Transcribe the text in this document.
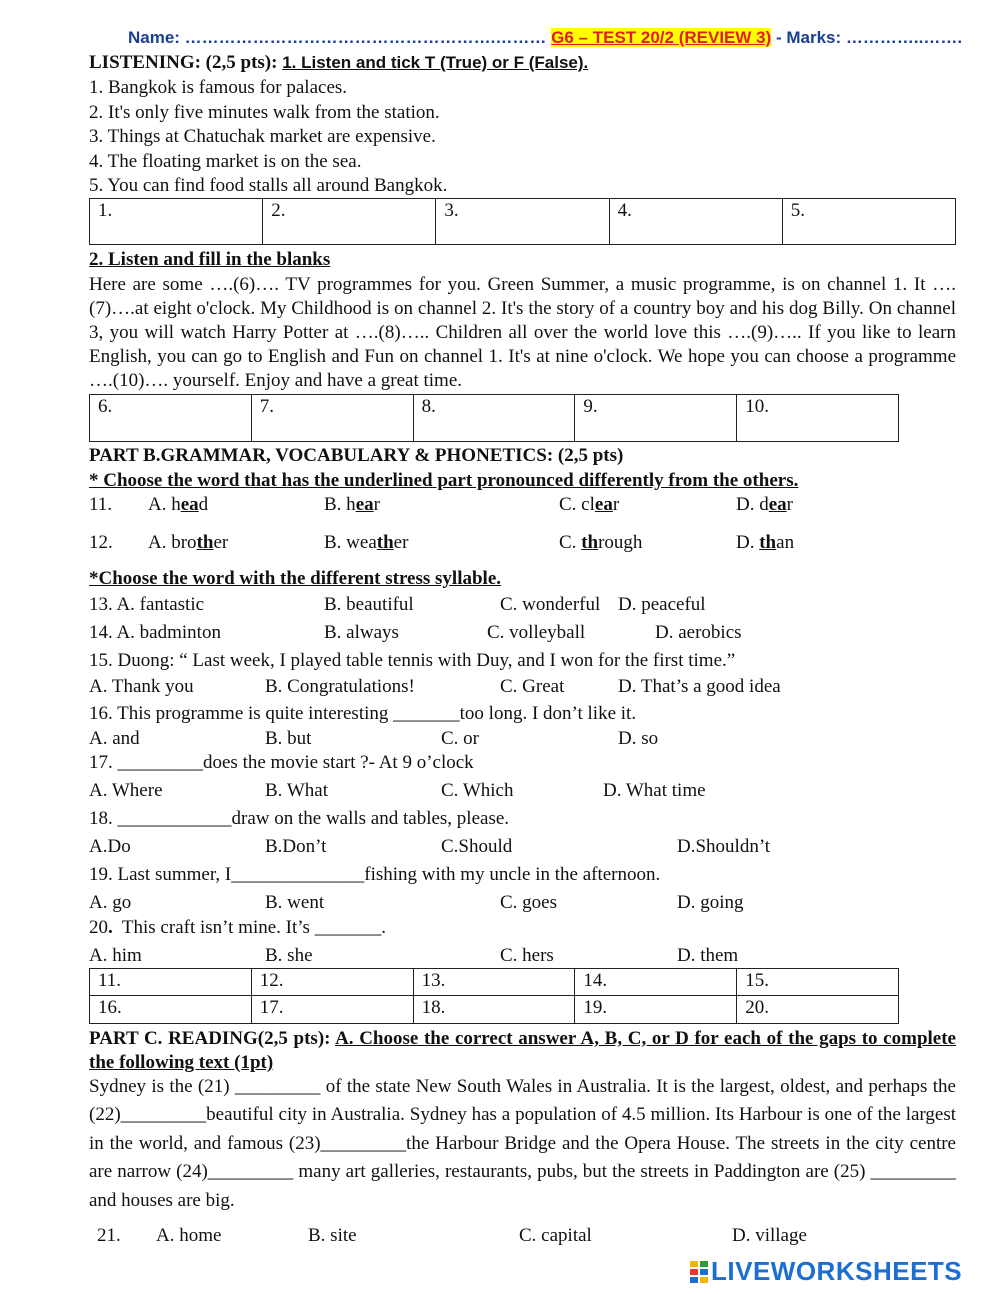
Name: ……………………………………………….……… G6 – TEST 20/2 (REVIEW 3) - Marks: …………..…….
LISTENING: (2,5 pts): 1. Listen and tick T (True) or F (False).
1. Bangkok is famous for palaces.
2. It's only five minutes walk from the station.
3. Things at Chatuchak market are expensive.
4. The floating market is on the sea.
5. You can find food stalls all around Bangkok.
1.	2.	3.	4.	5.
2. Listen and fill in the blanks
Here are some ….(6)…. TV programmes for you. Green Summer, a music programme, is on channel 1. It ….(7)….at eight o'clock. My Childhood is on channel 2. It's the story of a country boy and his dog Billy. On channel 3, you will watch Harry Potter at ….(8)….. Children all over the world love this ….(9)….. If you like to learn English, you can go to English and Fun on channel 1. It's at nine o'clock. We hope you can choose a programme ….(10)…. yourself. Enjoy and have a great time.
6.	7.	8.	9.	10.
PART B.GRAMMAR, VOCABULARY & PHONETICS: (2,5 pts)
* Choose the word that has the underlined part pronounced differently from the others.
11. A. head	B. hear	C. clear	D. dear
12. A. brother	B. weather	C. through	D. than
*Choose the word with the different stress syllable.
13. A. fantastic	B. beautiful	C. wonderful D. peaceful
14. A. badminton	B. always	C. volleyball	D. aerobics
15. Duong: “ Last week, I played table tennis with Duy, and I won for the first time.”
A. Thank you	B. Congratulations!	C. Great	D. That’s a good idea
16. This programme is quite interesting _______too long. I don’t like it.
A. and	B. but	C. or	D. so
17. _________does the movie start ?- At 9 o’clock
A. Where	B. What	C. Which	D. What time
18. ____________draw on the walls and tables, please.
A.Do	B.Don’t	C.Should	D.Shouldn’t
19. Last summer, I______________fishing with my uncle in the afternoon.
A. go	B. went	C. goes	D. going
20.  This craft isn’t mine. It’s _______.
A. him	B. she	C. hers	D. them
11.	12.	13.	14.	15.
16.	17.	18.	19.	20.
PART C. READING(2,5 pts): A. Choose the correct answer A, B, C, or D for each of the gaps to complete the following text (1pt)
Sydney is the (21) _________ of the state New South Wales in Australia. It is the largest, oldest, and perhaps the (22)_________beautiful city in Australia. Sydney has a population of 4.5 million. Its Harbour is one of the largest in the world, and famous (23)_________the Harbour Bridge and the Opera House. The streets in the city centre are narrow (24)_________ many art galleries, restaurants, pubs, but the streets in Paddington are (25) _________ and houses are big.
21. A. home	B. site	C. capital	D. village
LIVEWORKSHEETS
